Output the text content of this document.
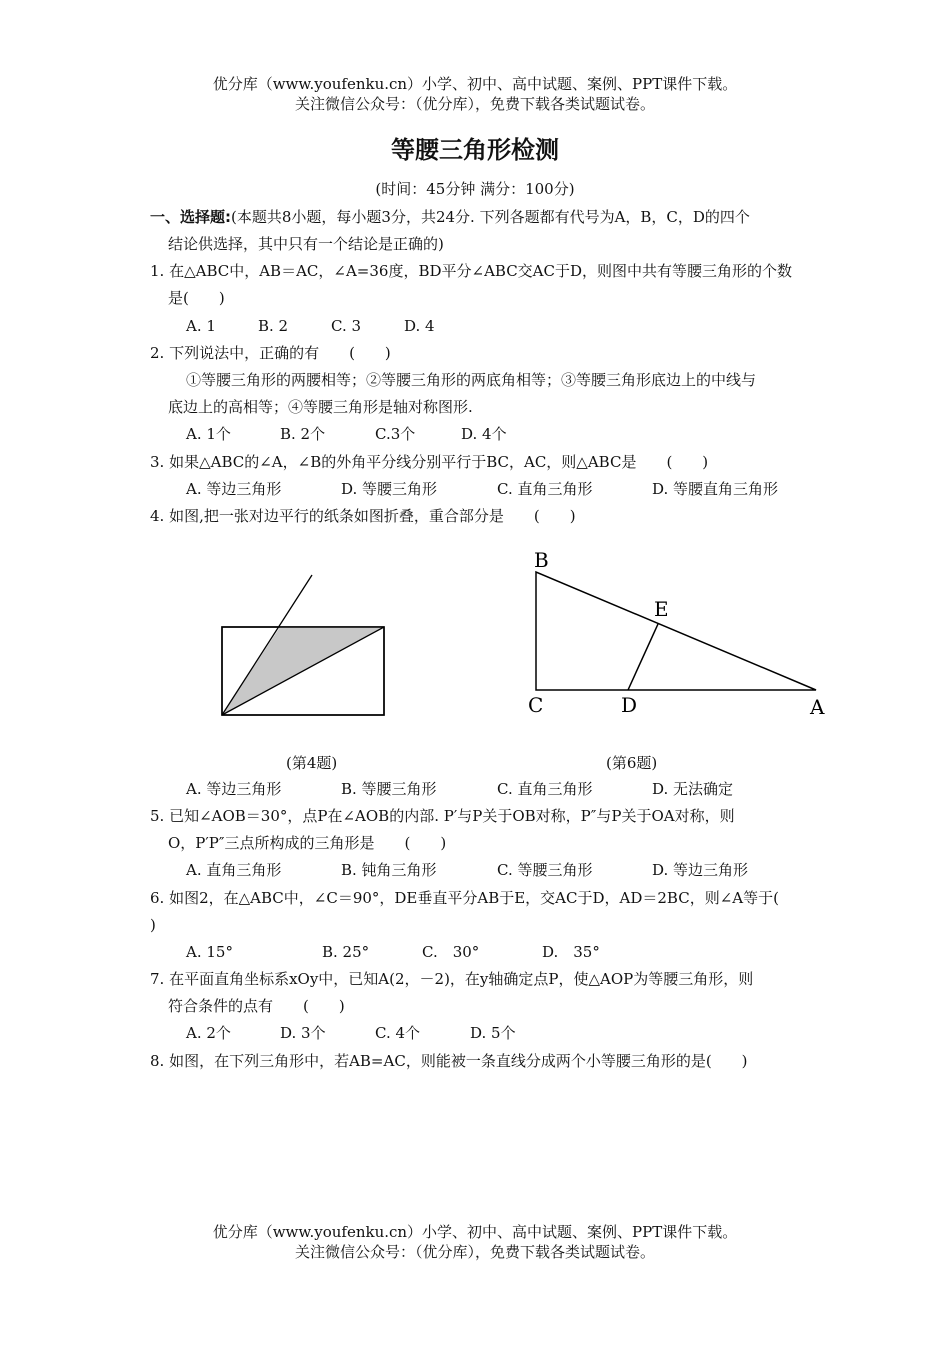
优分库（www.youfenku.cn）小学、初中、高中试题、案例、PPT课件下载。
关注微信公众号：（优分库），免费下载各类试题试卷。
等腰三角形检测
(时间：45分钟 满分：100分)
一、选择题:(本题共8小题，每小题3分，共24分. 下列各题都有代号为A，B，C，D的四个
结论供选择，其中只有一个结论是正确的)
1. 在△ABC中，AB＝AC，∠A=36度，BD平分∠ABC交AC于D，则图中共有等腰三角形的个数
是(　　)
A. 1	B. 2	C. 3	D. 4
2. 下列说法中，正确的有　　(　　)
①等腰三角形的两腰相等；②等腰三角形的两底角相等；③等腰三角形底边上的中线与
底边上的高相等；④等腰三角形是轴对称图形.
A. 1个	B. 2个	C.3个	D. 4个
3. 如果△ABC的∠A，∠B的外角平分线分别平行于BC，AC，则△ABC是　　(　　)
A. 等边三角形	D. 等腰三角形	C. 直角三角形	D. 等腰直角三角形
4. 如图,把一张对边平行的纸条如图折叠，重合部分是　　(　　)
B
E
C	D	A
(第4题)	(第6题)
A. 等边三角形	B. 等腰三角形	C. 直角三角形	D. 无法确定
5. 已知∠AOB＝30°，点P在∠AOB的内部. P′与P关于OB对称，P″与P关于OA对称，则
O，P′P″三点所构成的三角形是　　(　　)
A. 直角三角形	B. 钝角三角形	C. 等腰三角形	D. 等边三角形
6. 如图2，在△ABC中，∠C＝90°，DE垂直平分AB于E，交AC于D，AD＝2BC，则∠A等于(
)
A. 15°	B. 25°	C.　30°	D.　35°
7. 在平面直角坐标系xOy中，已知A(2，－2)，在y轴确定点P，使△AOP为等腰三角形，则
符合条件的点有　　(　　)
A. 2个	D. 3个	C. 4个	D. 5个
8. 如图，在下列三角形中，若AB=AC，则能被一条直线分成两个小等腰三角形的是(　　)
优分库（www.youfenku.cn）小学、初中、高中试题、案例、PPT课件下载。
关注微信公众号：（优分库），免费下载各类试题试卷。
